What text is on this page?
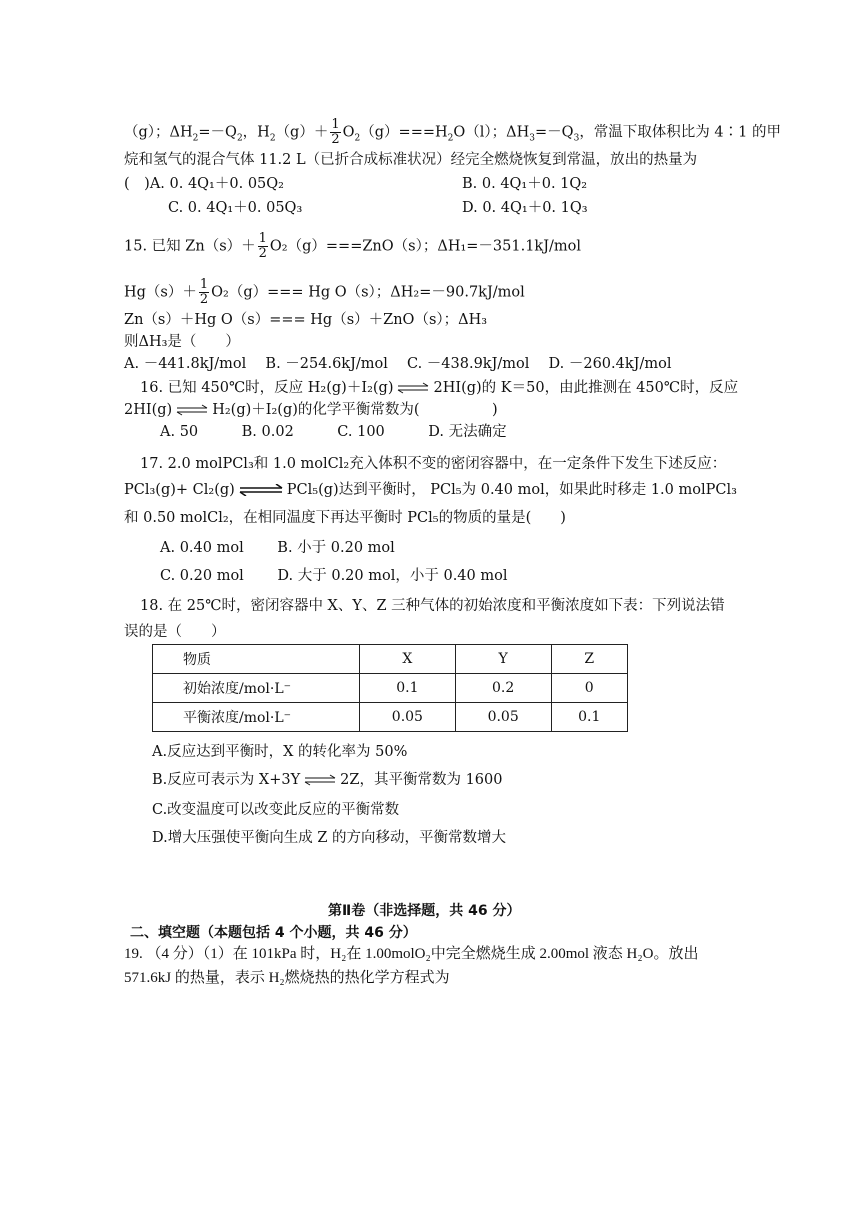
（g）；$\Delta H_2=-Q_2$，$H_2(g)+ \frac{1}{2} O_2(g)===H_2O(l)$；$\Delta H_3=-Q_3$，常温下取体积比为 4∶1 的甲
烷和氢气的混合气体 11.2 L（已折合成标准状况）经完全燃烧恢复到常温，放出的热量为
(　)A. 0. 4Q₁＋0. 05Q₂	B. 0. 4Q₁＋0. 1Q₂
C. 0. 4Q₁＋0. 05Q₃	D. 0. 4Q₁＋0. 1Q₃
15. 已知 $Zn(s)+ \frac{1}{2} O_2(g)===ZnO(s)$；ΔH₁=－351.1kJ/mol
$Hg(s)+ \frac{1}{2} O_2(g)=== Hg$ O（s）；ΔH₂=－90.7kJ/mol
Zn（s）＋Hg O（s）=== Hg（s）＋ZnO（s）；ΔH₃
则ΔH₃是（　　）
A. －441.8kJ/mol　 B. －254.6kJ/mol　 C. －438.9kJ/mol　 D. －260.4kJ/mol
16. 已知 450℃时，反应 H₂(g)＋I₂(g) ⇌ 2HI(g)的 K＝50，由此推测在 450℃时，反应
2HI(g) ⇌ H₂(g)＋I₂(g)的化学平衡常数为(　　　　　)
A. 50　　　B. 0.02　　　C. 100　　　D. 无法确定
17. 2.0 molPCl₃和 1.0 molCl₂充入体积不变的密闭容器中，在一定条件下发生下述反应：
PCl₃(g)+ Cl₂(g) ⇌ PCl₅(g)达到平衡时， PCl₅为 0.40 mol，如果此时移走 1.0 molPCl₃
和 0.50 molCl₂，在相同温度下再达平衡时 PCl₅的物质的量是(　　)
A. 0.40 mol　　 B. 小于 0.20 mol
C. 0.20 mol　　 D. 大于 0.20 mol，小于 0.40 mol
18. 在 25℃时，密闭容器中 X、Y、Z 三种气体的初始浓度和平衡浓度如下表：下列说法错
误的是（　　）
物质	X	Y	Z
初始浓度/mol·L⁻	0.1	0.2	0
平衡浓度/mol·L⁻	0.05	0.05	0.1
A.反应达到平衡时，X 的转化率为 50%
B.反应可表示为 X+3Y ⇌ 2Z，其平衡常数为 1600
C.改变温度可以改变此反应的平衡常数
D.增大压强使平衡向生成 Z 的方向移动，平衡常数增大
第Ⅱ卷（非选择题，共 46 分）
二、填空题（本题包括 4 个小题，共 46 分）
19. （4 分）（1）在 101kPa 时，H₂在 1.00molO₂中完全燃烧生成 2.00mol 液态 H₂O。放出
571.6kJ 的热量，表示 H₂燃烧热的热化学方程式为
